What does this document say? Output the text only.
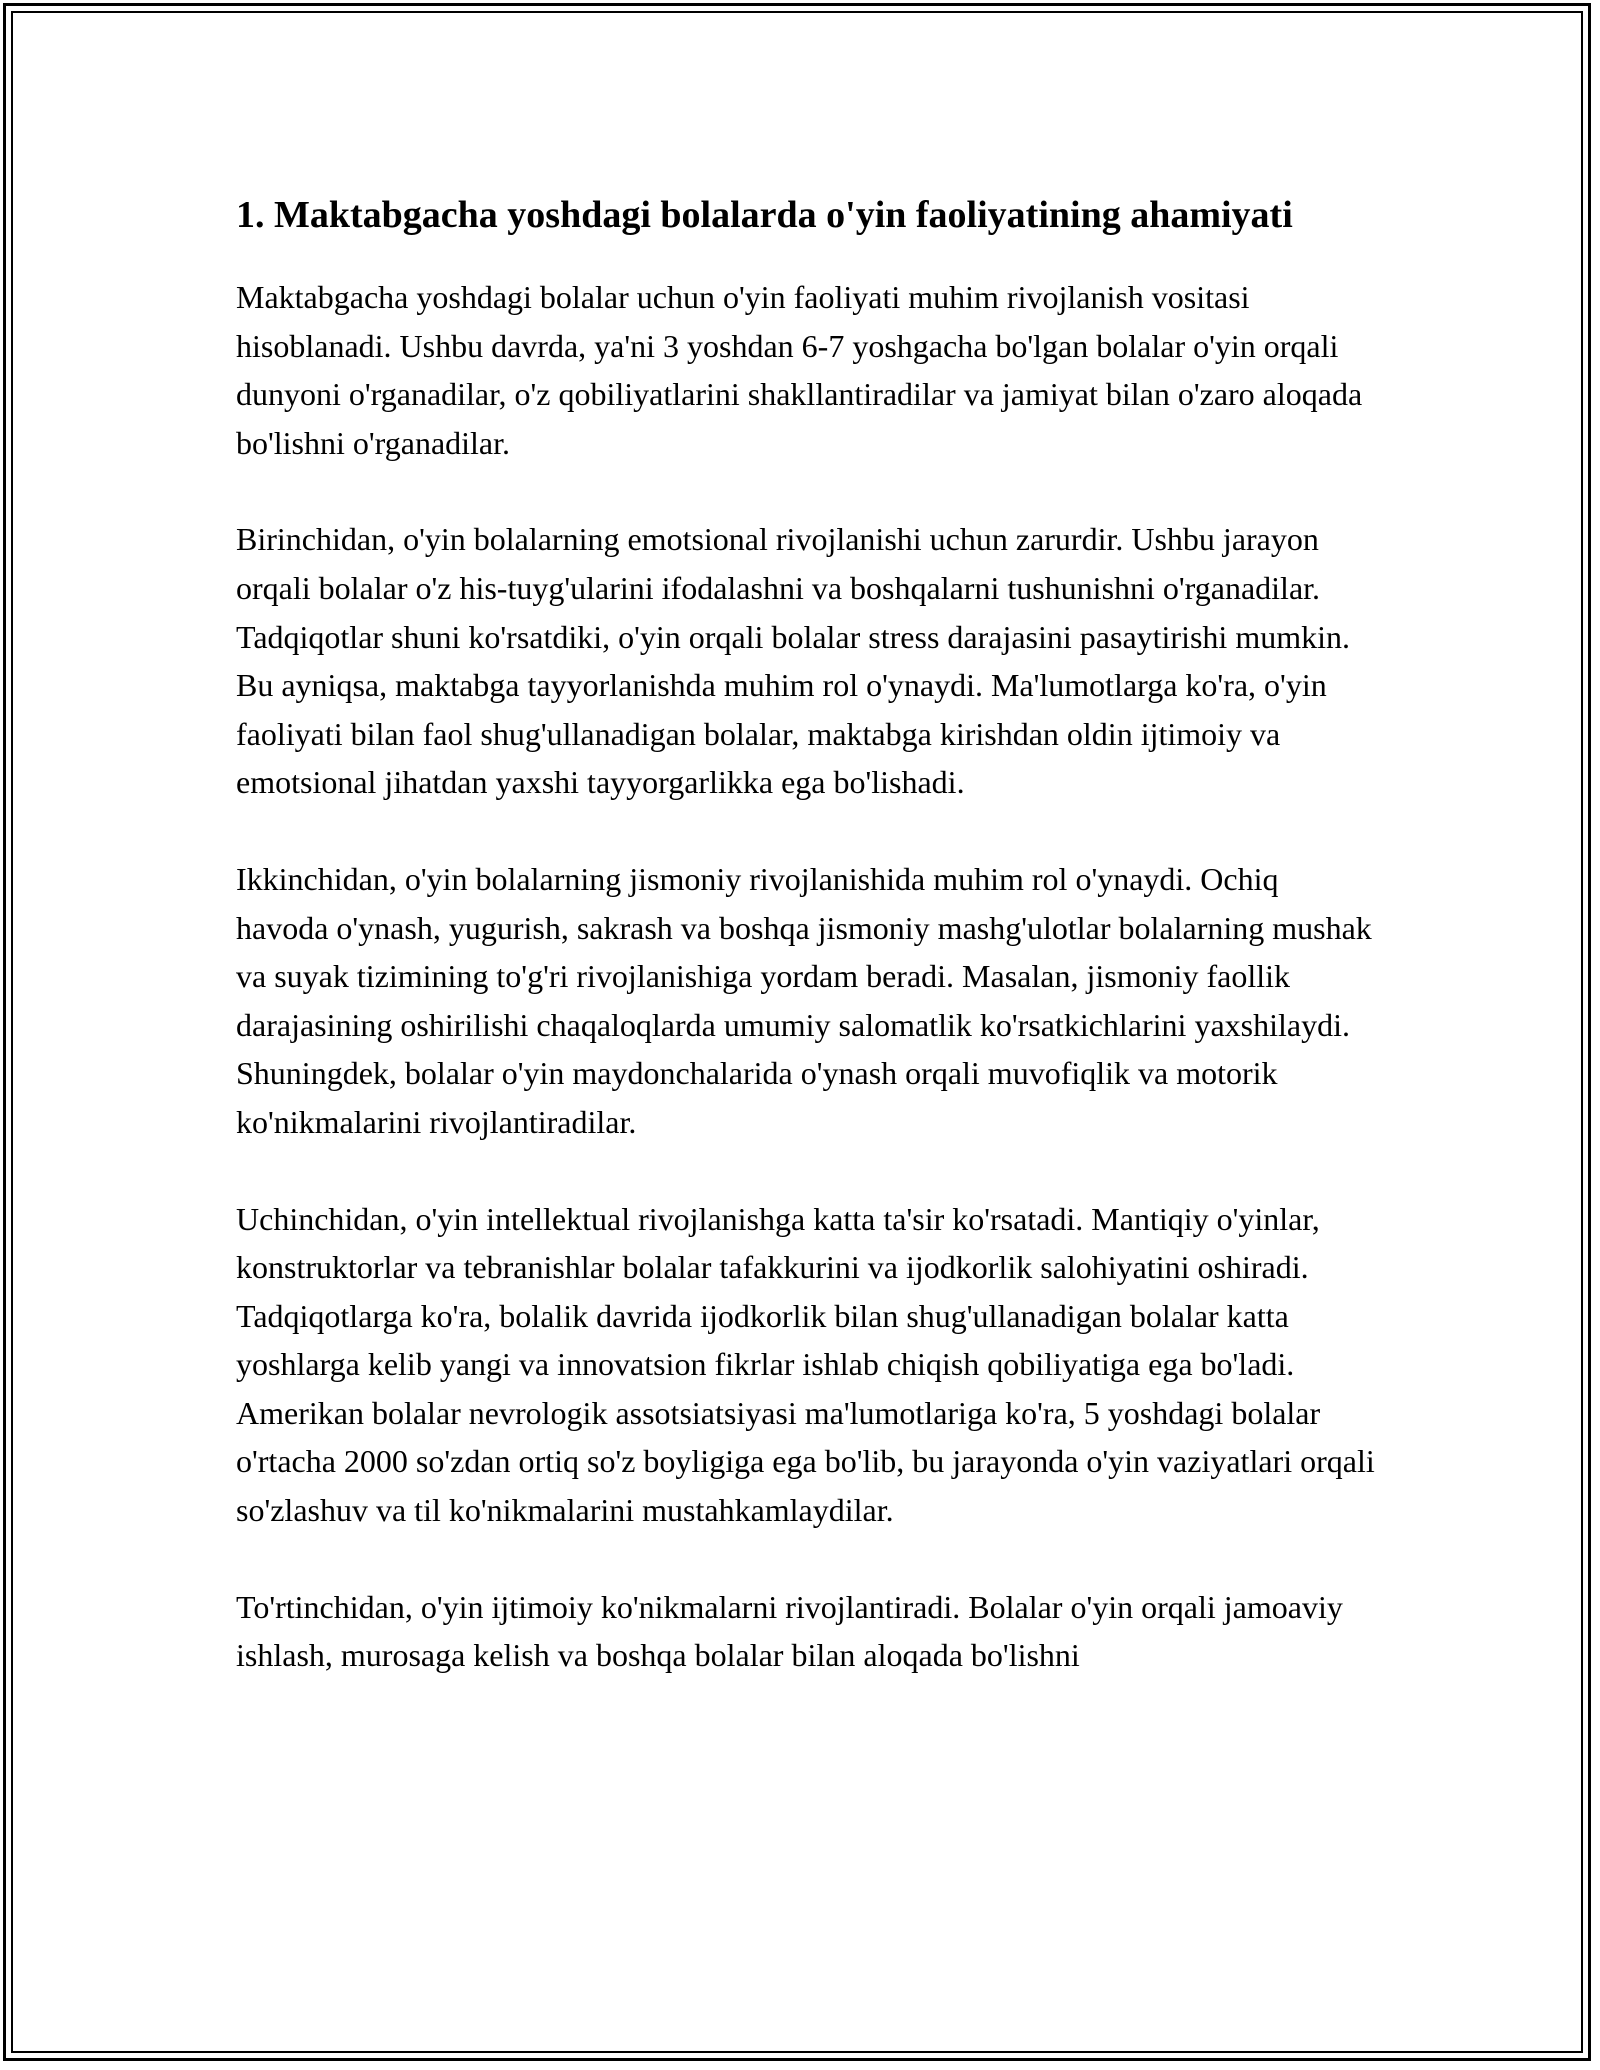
1. Maktabgacha yoshdagi bolalarda o'yin faoliyatining ahamiyati

Maktabgacha yoshdagi bolalar uchun o'yin faoliyati muhim rivojlanish vositasi hisoblanadi. Ushbu davrda, ya'ni 3 yoshdan 6-7 yoshgacha bo'lgan bolalar o'yin orqali dunyoni o'rganadilar, o'z qobiliyatlarini shakllantiradilar va jamiyat bilan o'zaro aloqada bo'lishni o'rganadilar.

Birinchidan, o'yin bolalarning emotsional rivojlanishi uchun zarurdir. Ushbu jarayon orqali bolalar o'z his-tuyg'ularini ifodalashni va boshqalarni tushunishni o'rganadilar. Tadqiqotlar shuni ko'rsatdiki, o'yin orqali bolalar stress darajasini pasaytirishi mumkin. Bu ayniqsa, maktabga tayyorlanishda muhim rol o'ynaydi. Ma'lumotlarga ko'ra, o'yin faoliyati bilan faol shug'ullanadigan bolalar, maktabga kirishdan oldin ijtimoiy va emotsional jihatdan yaxshi tayyorgarlikka ega bo'lishadi.

Ikkinchidan, o'yin bolalarning jismoniy rivojlanishida muhim rol o'ynaydi. Ochiq havoda o'ynash, yugurish, sakrash va boshqa jismoniy mashg'ulotlar bolalarning mushak va suyak tizimining to'g'ri rivojlanishiga yordam beradi. Masalan, jismoniy faollik darajasining oshirilishi chaqaloqlarda umumiy salomatlik ko'rsatkichlarini yaxshilaydi. Shuningdek, bolalar o'yin maydonchalarida o'ynash orqali muvofiqlik va motorik ko'nikmalarini rivojlantiradilar.

Uchinchidan, o'yin intellektual rivojlanishga katta ta'sir ko'rsatadi. Mantiqiy o'yinlar, konstruktorlar va tebranishlar bolalar tafakkurini va ijodkorlik salohiyatini oshiradi. Tadqiqotlarga ko'ra, bolalik davrida ijodkorlik bilan shug'ullanadigan bolalar katta yoshlarga kelib yangi va innovatsion fikrlar ishlab chiqish qobiliyatiga ega bo'ladi. Amerikan bolalar nevrologik assotsiatsiyasi ma'lumotlariga ko'ra, 5 yoshdagi bolalar o'rtacha 2000 so'zdan ortiq so'z boyligiga ega bo'lib, bu jarayonda o'yin vaziyatlari orqali so'zlashuv va til ko'nikmalarini mustahkamlaydilar.

To'rtinchidan, o'yin ijtimoiy ko'nikmalarni rivojlantiradi. Bolalar o'yin orqali jamoaviy ishlash, murosaga kelish va boshqa bolalar bilan aloqada bo'lishni
